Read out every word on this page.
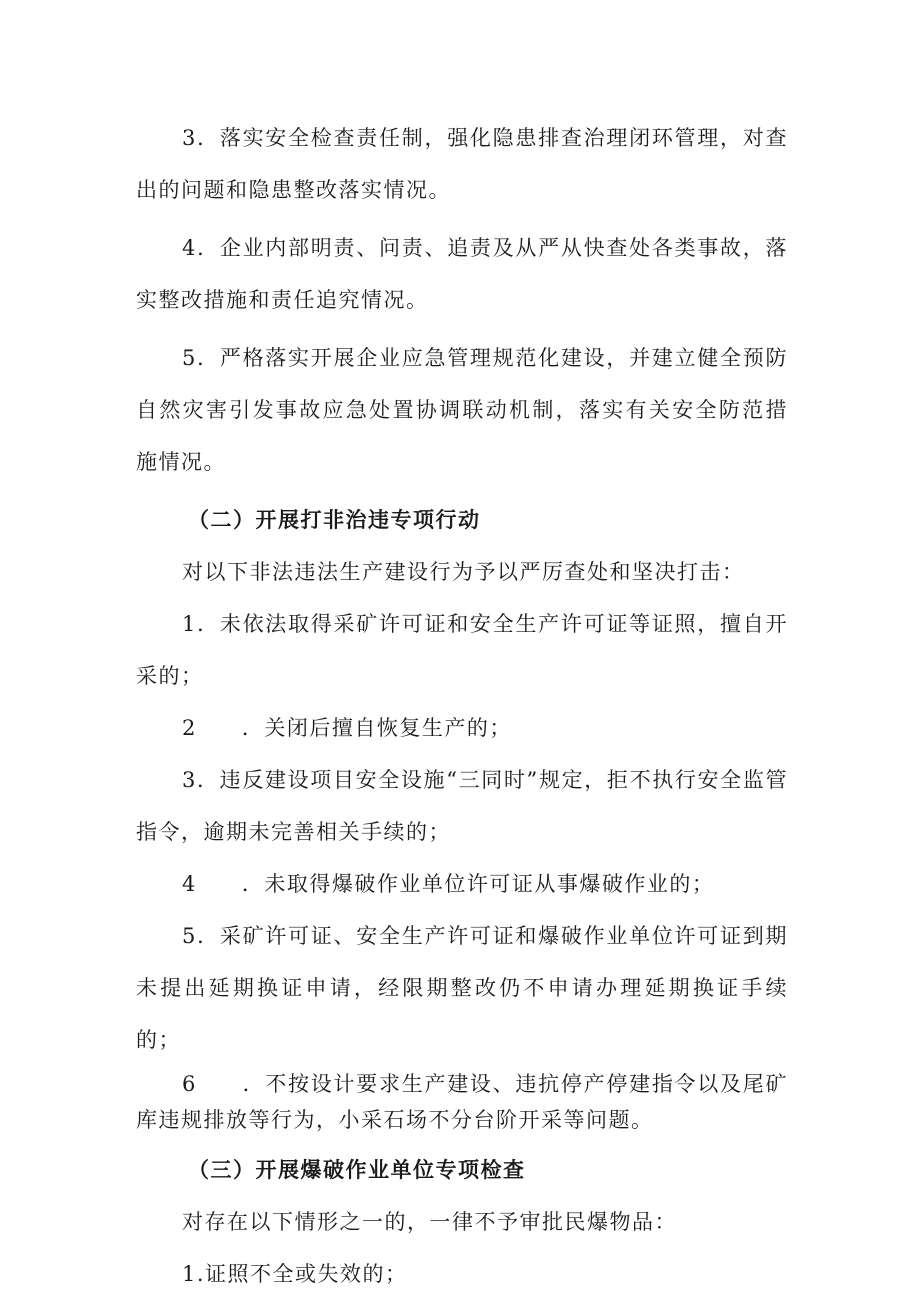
3．落实安全检查责任制，强化隐患排查治理闭环管理，对查出的问题和隐患整改落实情况。

4．企业内部明责、问责、追责及从严从快查处各类事故，落实整改措施和责任追究情况。

5．严格落实开展企业应急管理规范化建设，并建立健全预防自然灾害引发事故应急处置协调联动机制，落实有关安全防范措施情况。

（二）开展打非治违专项行动

对以下非法违法生产建设行为予以严厉查处和坚决打击：

1．未依法取得采矿许可证和安全生产许可证等证照，擅自开采的；

2　　．关闭后擅自恢复生产的；

3．违反建设项目安全设施“三同时”规定，拒不执行安全监管指令，逾期未完善相关手续的；

4　　．未取得爆破作业单位许可证从事爆破作业的；

5．采矿许可证、安全生产许可证和爆破作业单位许可证到期未提出延期换证申请，经限期整改仍不申请办理延期换证手续的；

6　　．不按设计要求生产建设、违抗停产停建指令以及尾矿库违规排放等行为，小采石场不分台阶开采等问题。

（三）开展爆破作业单位专项检查

对存在以下情形之一的，一律不予审批民爆物品：

1.证照不全或失效的；
